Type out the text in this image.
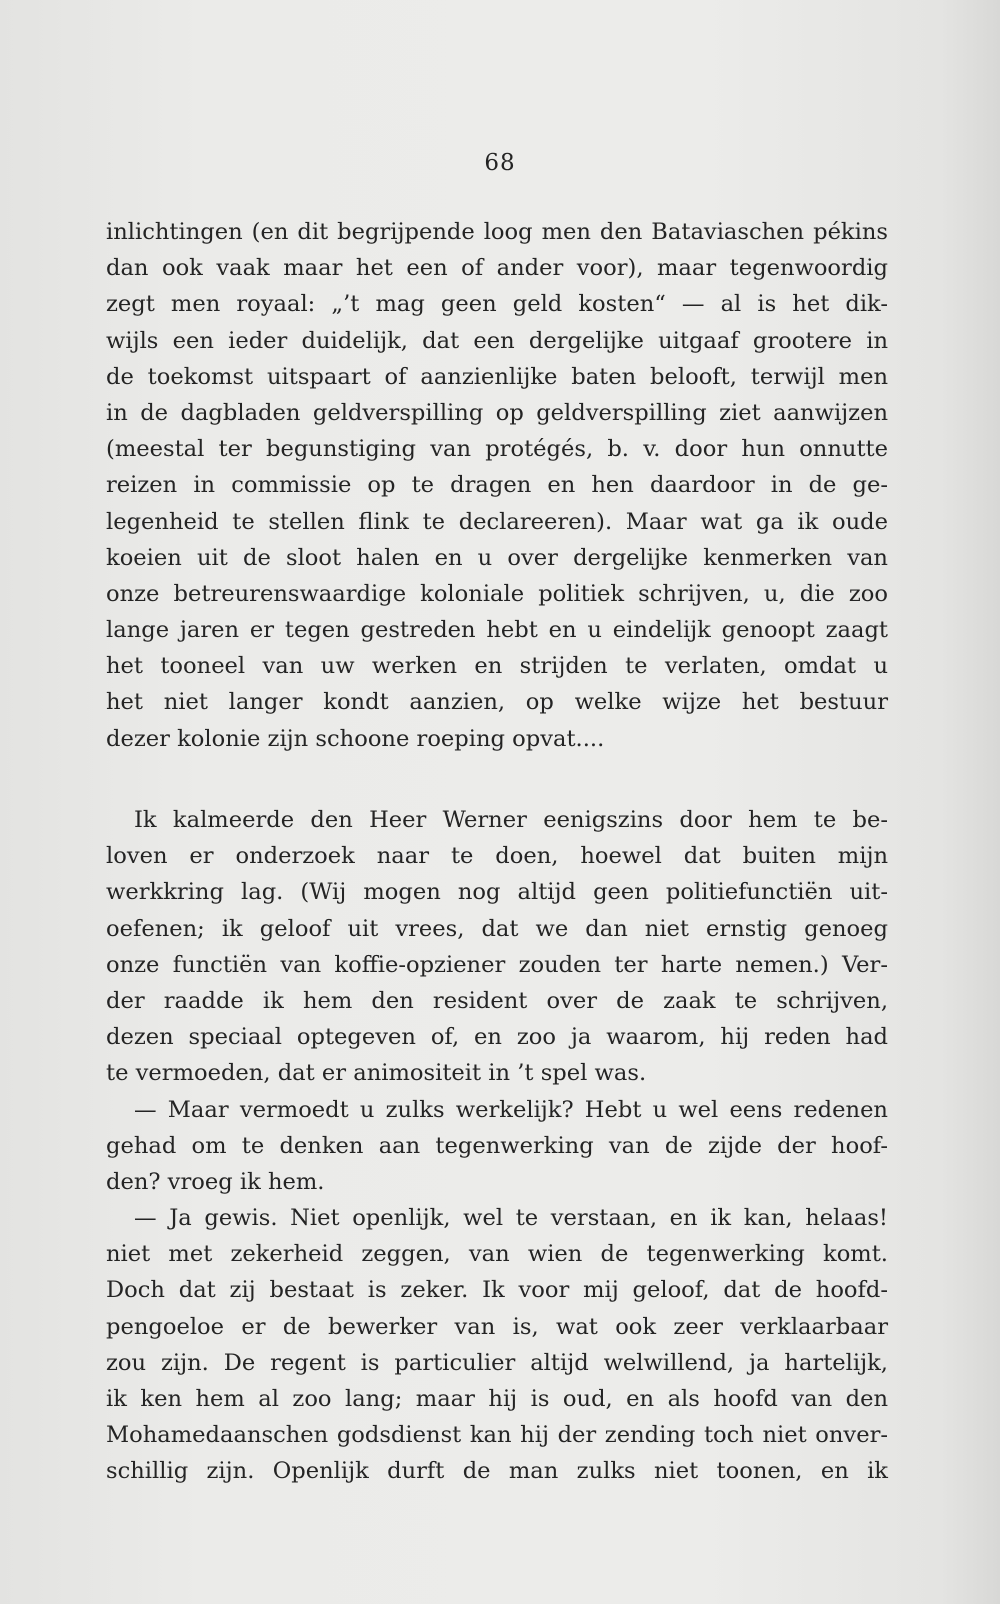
68
inlichtingen (en dit begrijpende loog men den Bataviaschen pékins
dan ook vaak maar het een of ander voor), maar tegenwoordig
zegt men royaal: „’t mag geen geld kosten“ — al is het dik-
wijls een ieder duidelijk, dat een dergelijke uitgaaf grootere in
de toekomst uitspaart of aanzienlijke baten belooft, terwijl men
in de dagbladen geldverspilling op geldverspilling ziet aanwijzen
(meestal ter begunstiging van protégés, b. v. door hun onnutte
reizen in commissie op te dragen en hen daardoor in de ge-
legenheid te stellen flink te declareeren). Maar wat ga ik oude
koeien uit de sloot halen en u over dergelijke kenmerken van
onze betreurenswaardige koloniale politiek schrijven, u, die zoo
lange jaren er tegen gestreden hebt en u eindelijk genoopt zaagt
het tooneel van uw werken en strijden te verlaten, omdat u
het niet langer kondt aanzien, op welke wijze het bestuur
dezer kolonie zijn schoone roeping opvat....
Ik kalmeerde den Heer Werner eenigszins door hem te be-
loven er onderzoek naar te doen, hoewel dat buiten mijn
werkkring lag. (Wij mogen nog altijd geen politiefunctiën uit-
oefenen; ik geloof uit vrees, dat we dan niet ernstig genoeg
onze functiën van koffie-opziener zouden ter harte nemen.) Ver-
der raadde ik hem den resident over de zaak te schrijven,
dezen speciaal optegeven of, en zoo ja waarom, hij reden had
te vermoeden, dat er animositeit in ’t spel was.
— Maar vermoedt u zulks werkelijk? Hebt u wel eens redenen
gehad om te denken aan tegenwerking van de zijde der hoof-
den? vroeg ik hem.
— Ja gewis. Niet openlijk, wel te verstaan, en ik kan, helaas!
niet met zekerheid zeggen, van wien de tegenwerking komt.
Doch dat zij bestaat is zeker. Ik voor mij geloof, dat de hoofd-
pengoeloe er de bewerker van is, wat ook zeer verklaarbaar
zou zijn. De regent is particulier altijd welwillend, ja hartelijk,
ik ken hem al zoo lang; maar hij is oud, en als hoofd van den
Mohamedaanschen godsdienst kan hij der zending toch niet onver-
schillig zijn. Openlijk durft de man zulks niet toonen, en ik
